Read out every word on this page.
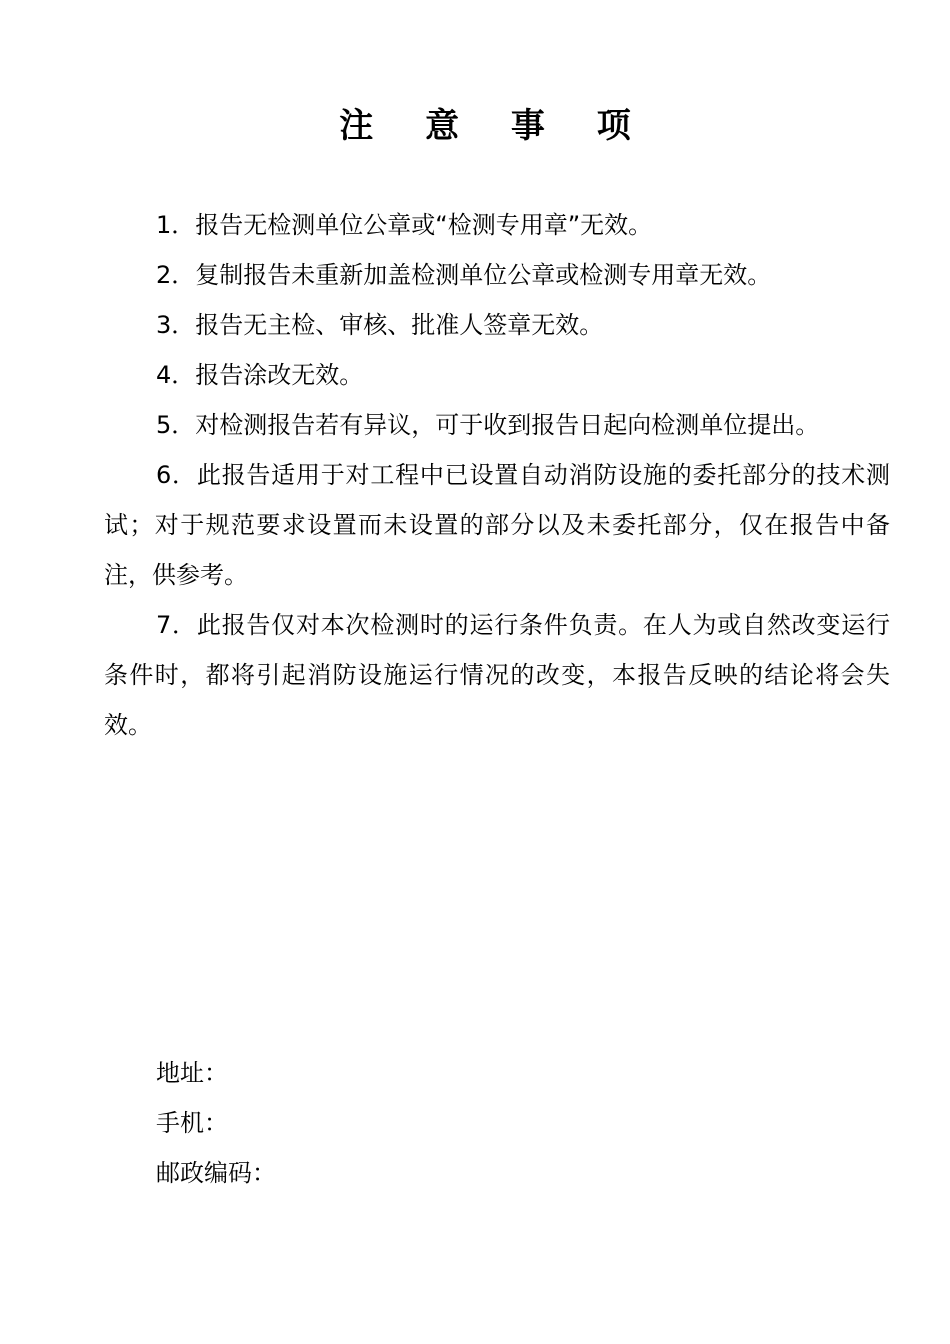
注 意 事 项
1．报告无检测单位公章或“检测专用章”无效。
2．复制报告未重新加盖检测单位公章或检测专用章无效。
3．报告无主检、审核、批准人签章无效。
4．报告涂改无效。
5．对检测报告若有异议，可于收到报告日起向检测单位提出。
6．此报告适用于对工程中已设置自动消防设施的委托部分的技术测试；对于规范要求设置而未设置的部分以及未委托部分，仅在报告中备注，供参考。
7．此报告仅对本次检测时的运行条件负责。在人为或自然改变运行条件时，都将引起消防设施运行情况的改变，本报告反映的结论将会失效。
地址：
手机：
邮政编码：
